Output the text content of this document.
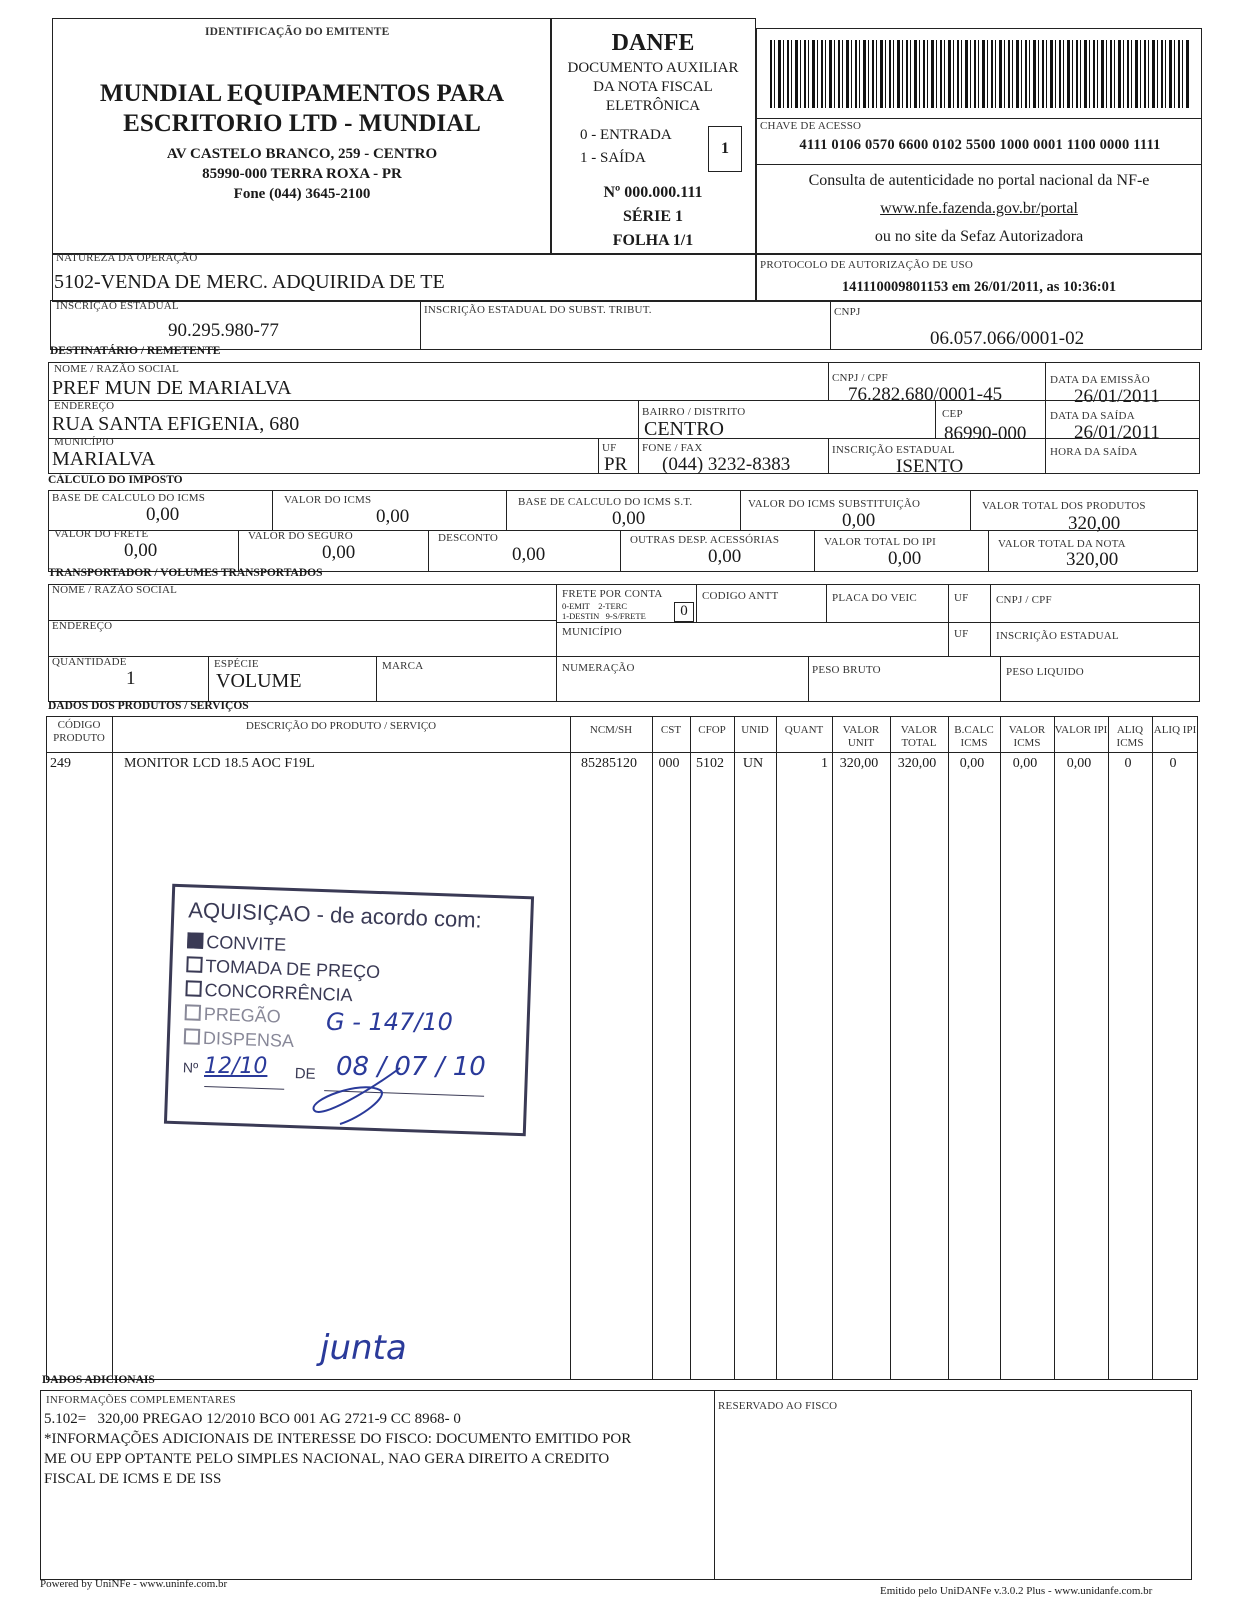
IDENTIFICAÇÃO DO EMITENTE
MUNDIAL EQUIPAMENTOS PARA
ESCRITORIO LTD - MUNDIAL
AV CASTELO BRANCO, 259 - CENTRO
85990-000 TERRA ROXA - PR
Fone (044) 3645-2100
DANFE
DOCUMENTO AUXILIAR
DA NOTA FISCAL
ELETRÔNICA
0 - ENTRADA
1 - SAÍDA
1
Nº 000.000.111
SÉRIE 1
FOLHA 1/1
CHAVE DE ACESSO
4111 0106 0570 6600 0102 5500 1000 0001 1100 0000 1111
Consulta de autenticidade no portal nacional da NF-e
www.nfe.fazenda.gov.br/portal
ou no site da Sefaz Autorizadora
NATUREZA DA OPERAÇÃO
5102-VENDA DE MERC. ADQUIRIDA DE TE
PROTOCOLO DE AUTORIZAÇÃO DE USO
141110009801153 em 26/01/2011, as 10:36:01
INSCRIÇÃO ESTADUAL
90.295.980-77
INSCRIÇÃO ESTADUAL DO SUBST. TRIBUT.	CNPJ
06.057.066/0001-02
DESTINATÁRIO / REMETENTE
NOME / RAZÃO SOCIAL
PREF MUN DE MARIALVA	CNPJ / CPF
76.282.680/0001-45
DATA DA EMISSÃO
26/01/2011
ENDEREÇO
RUA SANTA EFIGENIA, 680
BAIRRO / DISTRITO
CENTRO
CEP
86990-000
DATA DA SAÍDA
26/01/2011
MUNICÍPIO
MARIALVA	UF
PR
FONE / FAX
(044) 3232-8383
INSCRIÇÃO ESTADUAL
ISENTO
HORA DA SAÍDA
CÁLCULO DO IMPOSTO
BASE DE CALCULO DO ICMS
0,00
VALOR DO ICMS
0,00
BASE DE CALCULO DO ICMS S.T.
0,00
VALOR DO ICMS SUBSTITUIÇÃO
0,00
VALOR TOTAL DOS PRODUTOS
320,00
VALOR DO FRETE
0,00
VALOR DO SEGURO
0,00
DESCONTO
0,00
OUTRAS DESP. ACESSÓRIAS
0,00
VALOR TOTAL DO IPI
0,00
VALOR TOTAL DA NOTA
320,00
TRANSPORTADOR / VOLUMES TRANSPORTADOS
NOME / RAZÃO SOCIAL	FRETE POR CONTA
0-EMIT    2-TERC
1-DESTIN   9-S/FRETE	0
CODIGO ANTT	PLACA DO VEIC	UF	CNPJ / CPF
ENDEREÇO	MUNICÍPIO	UF	INSCRIÇÃO ESTADUAL
QUANTIDADE
1
ESPÉCIE
VOLUME
MARCA	NUMERAÇÃO	PESO BRUTO	PESO LIQUIDO
DADOS DOS PRODUTOS / SERVIÇOS
CÓDIGO PRODUTO
249
DESCRIÇÃO DO PRODUTO / SERVIÇO
MONITOR LCD 18.5 AOC F19L
NCM/SH
85285120
CST
000
CFOP
5102
UNID
UN
QUANT
1
VALOR UNIT
320,00
VALOR TOTAL
320,00
B.CALC ICMS
0,00
VALOR ICMS
0,00
VALOR IPI
0,00
ALIQ ICMS
0
ALIQ IPI
0
AQUISIÇAO - de acordo com:
CONVITE
TOMADA DE PREÇO
CONCORRÊNCIA
PREGÃO
DISPENSA
Nº	DE
G - 147/10
12/10	08 / 07 / 10
junta
DADOS ADICIONAIS
INFORMAÇÕES COMPLEMENTARES
5.102=   320,00 PREGAO 12/2010 BCO 001 AG 2721-9 CC 8968- 0
*INFORMAÇÕES ADICIONAIS DE INTERESSE DO FISCO: DOCUMENTO EMITIDO POR
ME OU EPP OPTANTE PELO SIMPLES NACIONAL, NAO GERA DIREITO A CREDITO
FISCAL DE ICMS E DE ISS
RESERVADO AO FISCO
Powered by UniNFe - www.uninfe.com.br
Emitido pelo UniDANFe v.3.0.2 Plus - www.unidanfe.com.br
